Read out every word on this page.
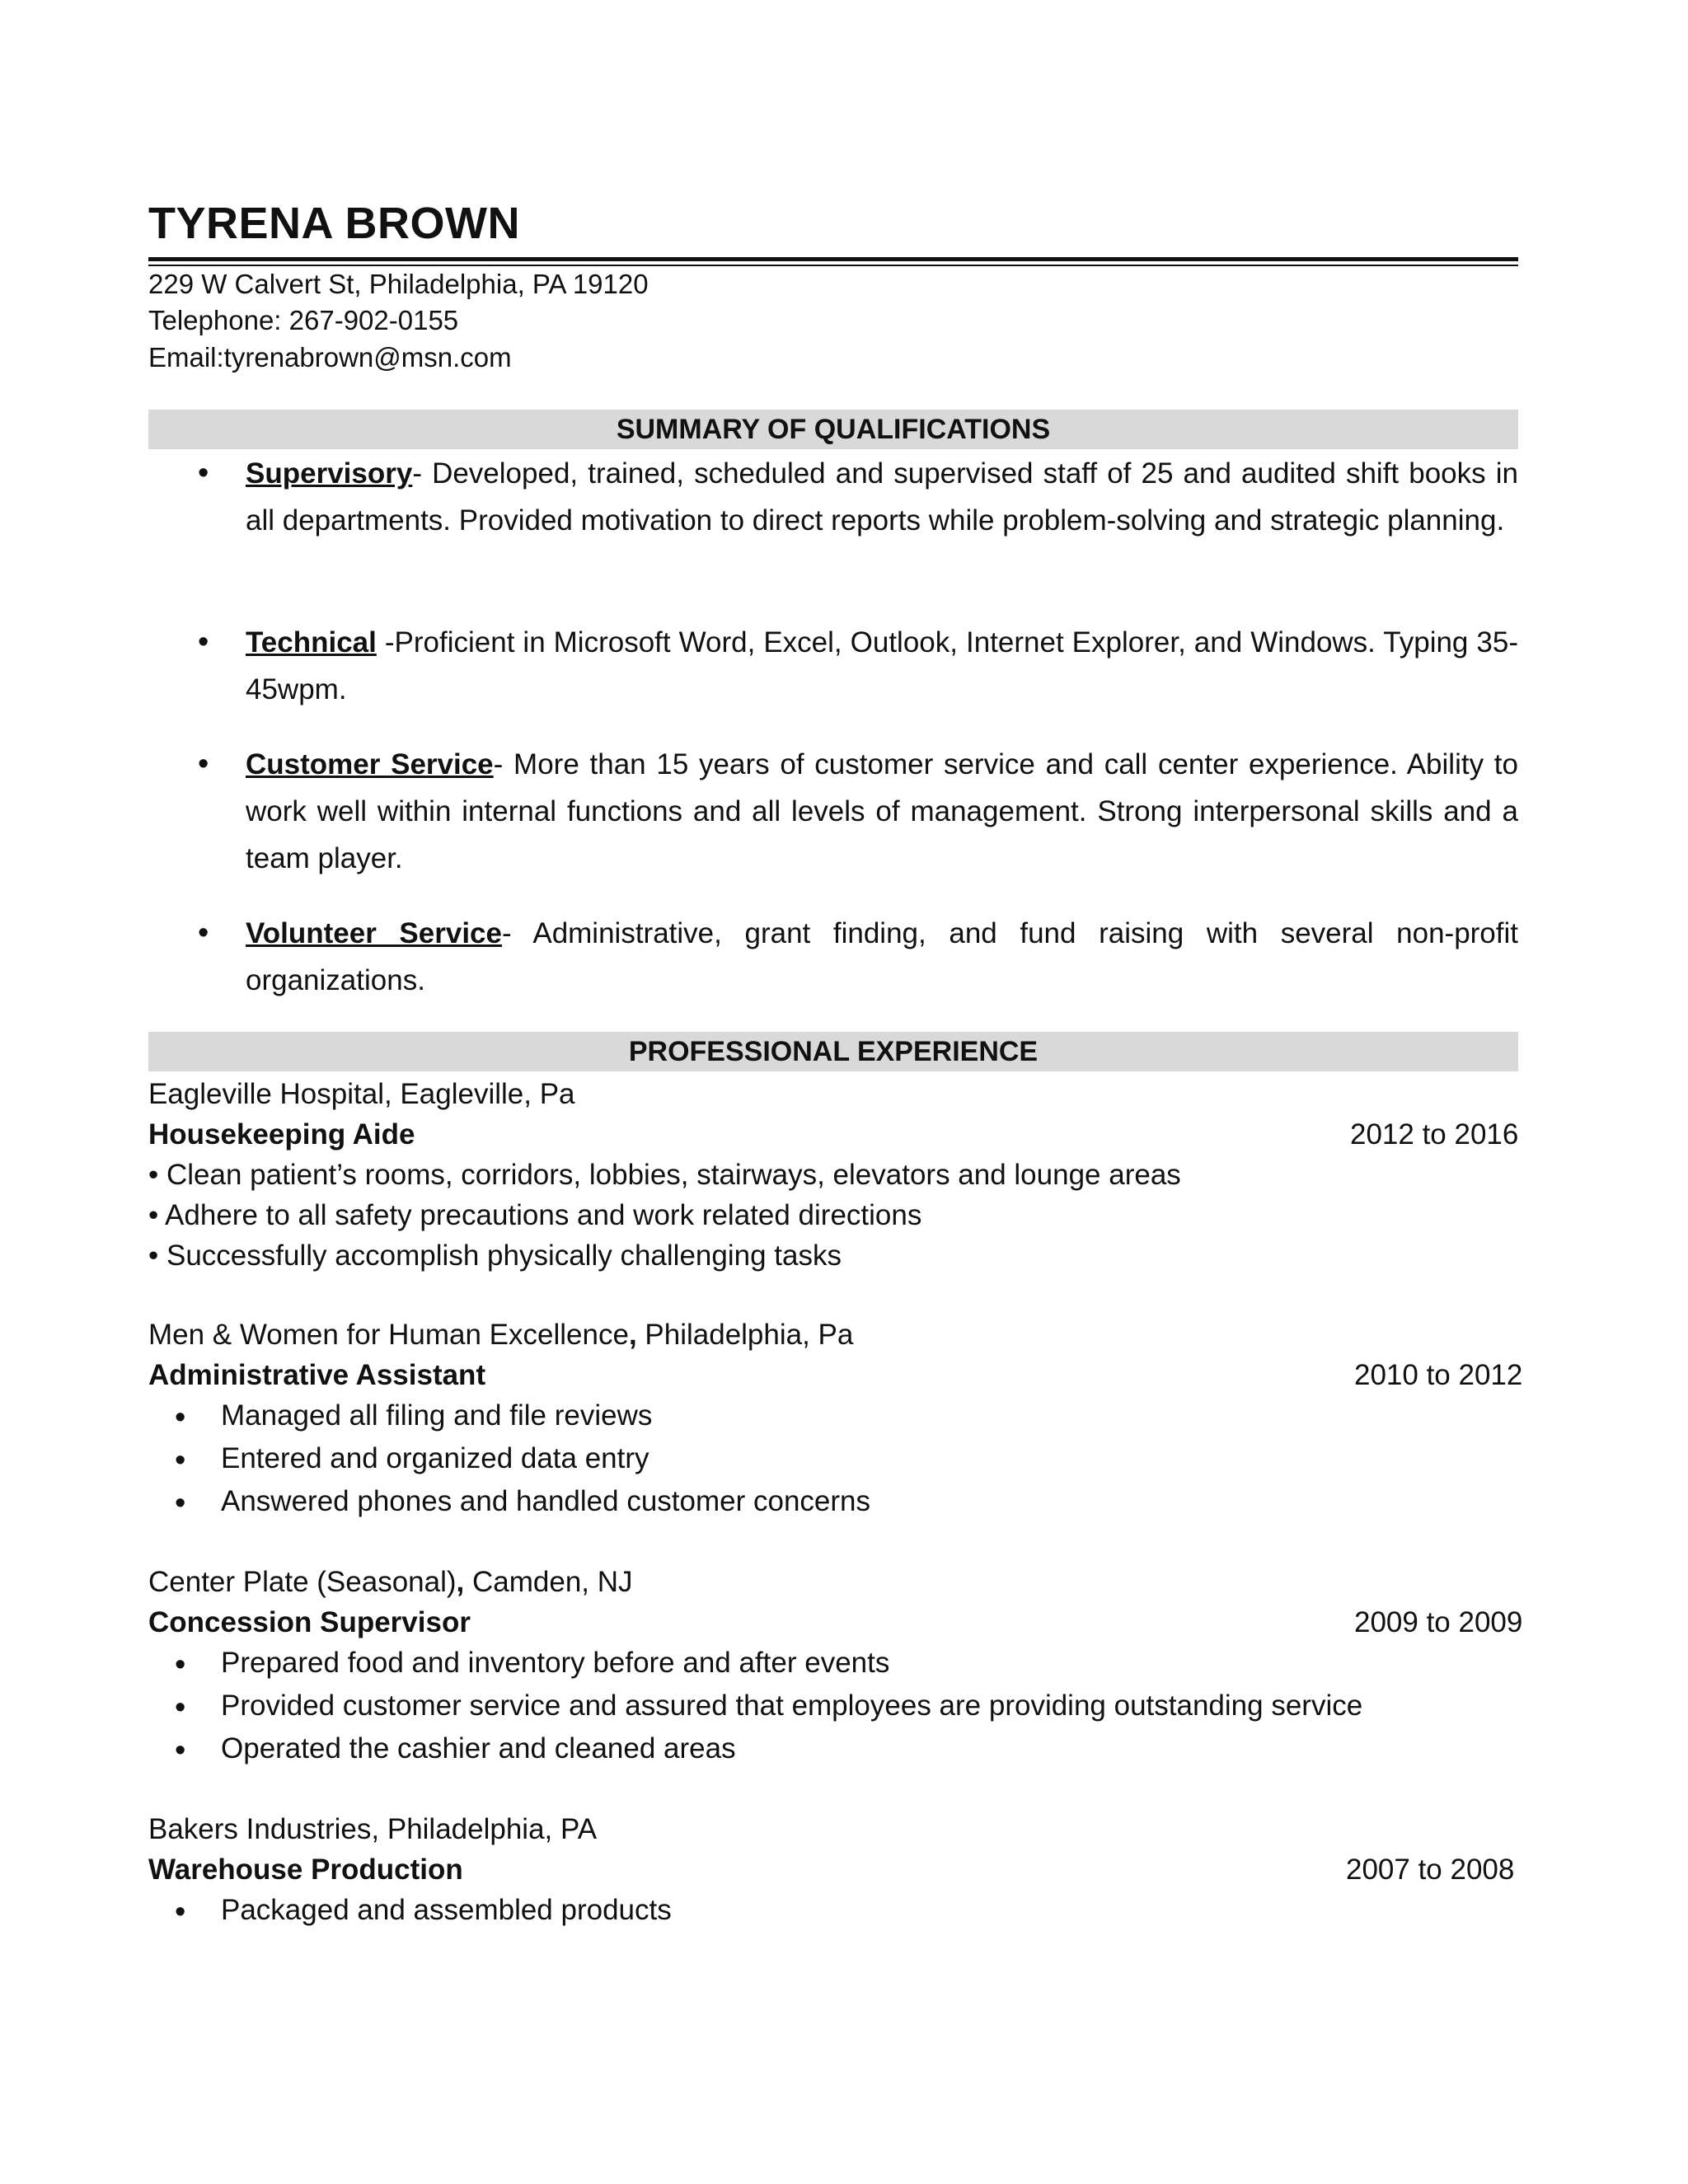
TYRENA BROWN
229 W Calvert St, Philadelphia, PA 19120
Telephone: 267-902-0155
Email:tyrenabrown@msn.com
SUMMARY OF QUALIFICATIONS
• Supervisory- Developed, trained, scheduled and supervised staff of 25 and audited shift books in all departments. Provided motivation to direct reports while problem-solving and strategic planning.
• Technical -Proficient in Microsoft Word, Excel, Outlook, Internet Explorer, and Windows. Typing 35- 45wpm.
• Customer Service- More than 15 years of customer service and call center experience. Ability to work well within internal functions and all levels of management. Strong interpersonal skills and a team player.
• Volunteer Service- Administrative, grant finding, and fund raising with several non-profit organizations.
PROFESSIONAL EXPERIENCE
Eagleville Hospital, Eagleville, Pa
Housekeeping Aide	2012 to 2016
• Clean patient’s rooms, corridors, lobbies, stairways, elevators and lounge areas
• Adhere to all safety precautions and work related directions
• Successfully accomplish physically challenging tasks
Men & Women for Human Excellence, Philadelphia, Pa
Administrative Assistant	2010 to 2012
• Managed all filing and file reviews
• Entered and organized data entry
• Answered phones and handled customer concerns
Center Plate (Seasonal), Camden, NJ
Concession Supervisor	2009 to 2009
• Prepared food and inventory before and after events
• Provided customer service and assured that employees are providing outstanding service
• Operated the cashier and cleaned areas
Bakers Industries, Philadelphia, PA
Warehouse Production	2007 to 2008
• Packaged and assembled products
